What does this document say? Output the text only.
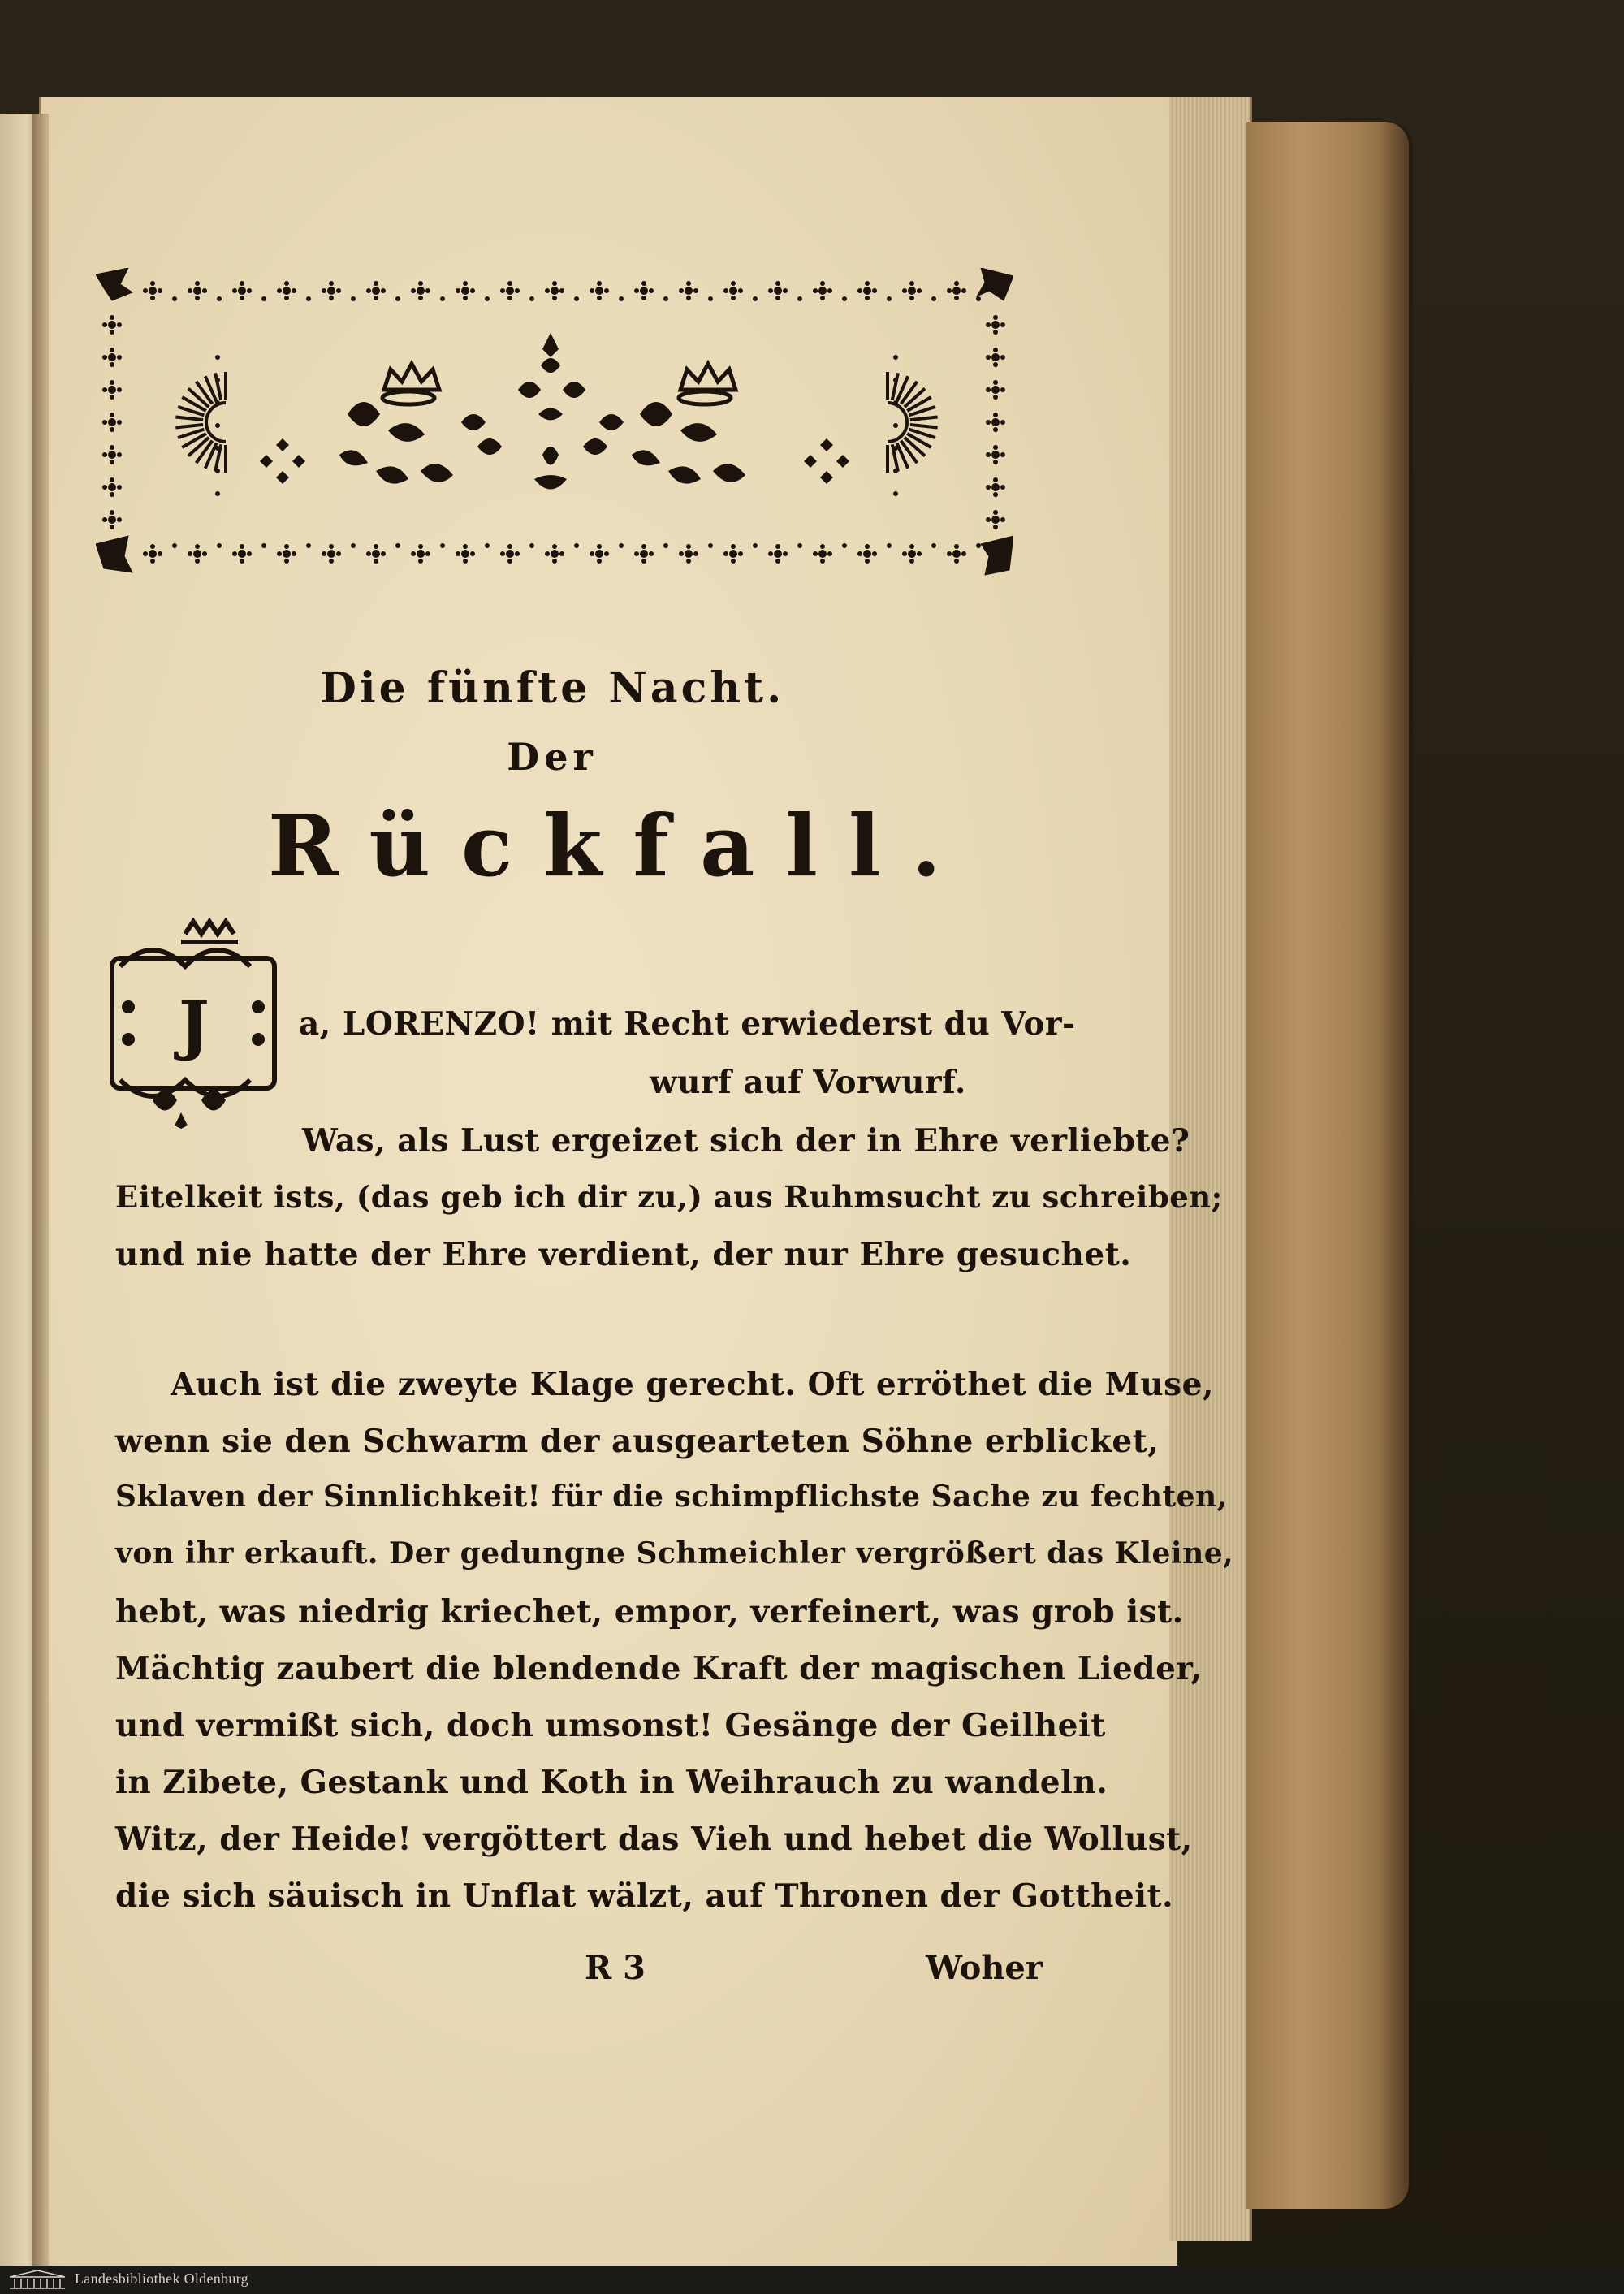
Die fünfte Nacht.
Der
Rückfall.
J	a, LORENZO! mit Recht erwiederst du Vor-
wurf auf Vorwurf.
Was, als Lust ergeizet sich der in Ehre verliebte?
Eitelkeit ists, (das geb ich dir zu,) aus Ruhmsucht zu schreiben;
und nie hatte der Ehre verdient, der nur Ehre gesuchet.
Auch ist die zweyte Klage gerecht. Oft erröthet die Muse,
wenn sie den Schwarm der ausgearteten Söhne erblicket,
Sklaven der Sinnlichkeit! für die schimpflichste Sache zu fechten,
von ihr erkauft. Der gedungne Schmeichler vergrößert das Kleine,
hebt, was niedrig kriechet, empor, verfeinert, was grob ist.
Mächtig zaubert die blendende Kraft der magischen Lieder,
und vermißt sich, doch umsonst! Gesänge der Geilheit
in Zibete, Gestank und Koth in Weihrauch zu wandeln.
Witz, der Heide! vergöttert das Vieh und hebet die Wollust,
die sich säuisch in Unflat wälzt, auf Thronen der Gottheit.
R 3	Woher
Landesbibliothek Oldenburg
